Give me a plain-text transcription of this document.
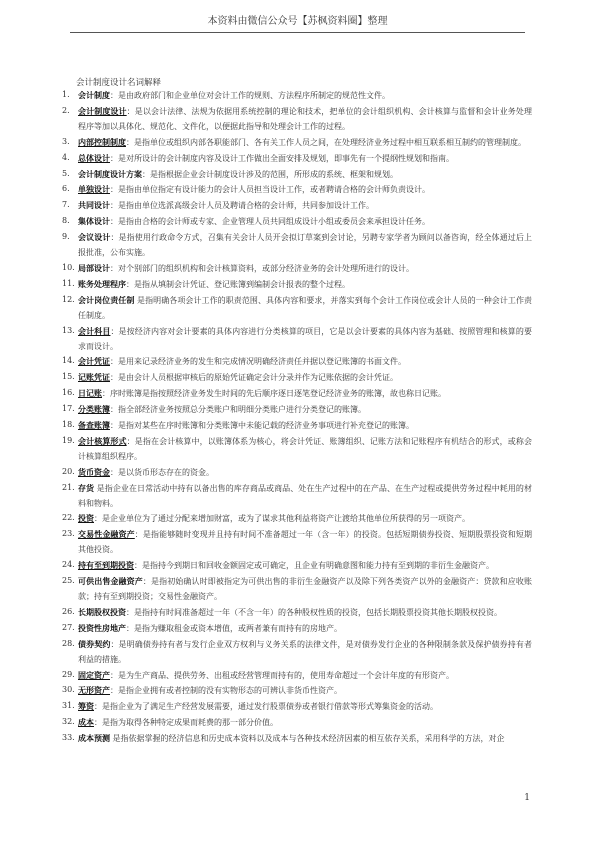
本资料由微信公众号【苏枫资料圈】整理
会计制度设计名词解释
1.	会计制度：是由政府部门和企业单位对会计工作的规则、方法程序所制定的规范性文件。
2.	会计制度设计：是以会计法律、法规为依据用系统控制的理论和技术，把单位的会计组织机构、会计核算与监督和会计业务处理程序等加以具体化、规范化、文件化，以便据此指导和处理会计工作的过程。
3.	内部控制制度：是指单位或组织内部各职能部门、各有关工作人员之间，在处理经济业务过程中相互联系相互制约的管理制度。
4.	总体设计：是对所设计的会计制度内容及设计工作做出全面安排及规划，即事先有一个提纲性规划和指南。
5.	会计制度设计方案：是指根据企业会计制度设计涉及的范围，所形成的系统、框架和规划。
6.	单独设计：是指由单位指定有设计能力的会计人员担当设计工作，或者聘请合格的会计师负责设计。
7.	共同设计：是指由单位选派高级会计人员及聘请合格的会计师，共同参加设计工作。
8.	集体设计：是指由合格的会计师或专家、企业管理人员共同组成设计小组或委员会来承担设计任务。
9.	会议设计：是指使用行政命令方式，召集有关会计人员开会拟订草案到会讨论，另聘专家学者为顾问以备咨询，经全体通过后上报批准，公布实施。
10. 局部设计：对个别部门的组织机构和会计核算资料，或部分经济业务的会计处理所进行的设计。
11. 账务处理程序：是指从填制会计凭证、登记账簿到编制会计报表的整个过程。
12. 会计岗位责任制 是指明确各项会计工作的职责范围、具体内容和要求，并落实到每个会计工作岗位或会计人员的一种会计工作责任制度。
13. 会计科目：是按经济内容对会计要素的具体内容进行分类核算的项目，它是以会计要素的具体内容为基础、按照管理和核算的要求而设计。
14. 会计凭证：是用来记录经济业务的发生和完成情况明确经济责任并据以登记账簿的书面文件。
15. 记账凭证：是由会计人员根据审核后的原始凭证确定会计分录并作为记账依据的会计凭证。
16. 日记账：序时账簿是指按照经济业务发生时间的先后顺序逐日逐笔登记经济业务的账簿，故也称日记账。
17. 分类账簿：指全部经济业务按照总分类账户和明细分类账户进行分类登记的账簿。
18. 备查账簿：是指对某些在序时账簿和分类账簿中未能记载的经济业务事项进行补充登记的账簿。
19. 会计核算形式：是指在会计核算中，以账簿体系为核心，将会计凭证、账簿组织、记账方法和记账程序有机结合的形式，或称会计核算组织程序。
20. 货币资金：是以货币形态存在的资金。
21. 存货 是指企业在日常活动中持有以备出售的库存商品或商品、处在生产过程中的在产品、在生产过程或提供劳务过程中耗用的材料和物料。
22. 投资：是企业单位为了通过分配来增加财富，或为了谋求其他利益将资产让渡给其他单位所获得的另一项资产。
23. 交易性金融资产：是指能够随时变现并且持有时间不准备超过一年（含一年）的投资。包括短期债券投资、短期股票投资和短期其他投资。
24. 持有至到期投资：是指持今到期日和回收金额固定或可确定，且企业有明确意图和能力持有至到期的非衍生金融资产。
25. 可供出售金融资产：是指初始确认时即被指定为可供出售的非衍生金融资产以及除下列各类资产以外的金融资产：贷款和应收账款；持有至到期投资；交易性金融资产。
26. 长期股权投资：是指持有时间准备超过一年（不含一年）的各种股权性质的投资，包括长期股票投资其他长期股权投资。
27. 投资性房地产：是指为赚取租金或资本增值，或两者兼有而持有的房地产。
28. 债券契约：是明确债券持有者与发行企业双方权利与义务关系的法律文件，是对债券发行企业的各种限制条款及保护债券持有者利益的措施。
29. 固定资产：是为生产商品、提供劳务、出租或经营管理而持有的，使用寿命超过一个会计年度的有形资产。
30. 无形资产：是指企业拥有或者控制的没有实物形态的可辨认非货币性资产。
31. 筹资：是指企业为了满足生产经营发展需要，通过发行股票债券或者银行借款等形式筹集资金的活动。
32. 成本：是指为取得各种特定成果而耗费的那一部分价值。
33. 成本预测 是指依据掌握的经济信息和历史成本资料以及成本与各种技术经济因素的相互依存关系，采用科学的方法，对企
1
